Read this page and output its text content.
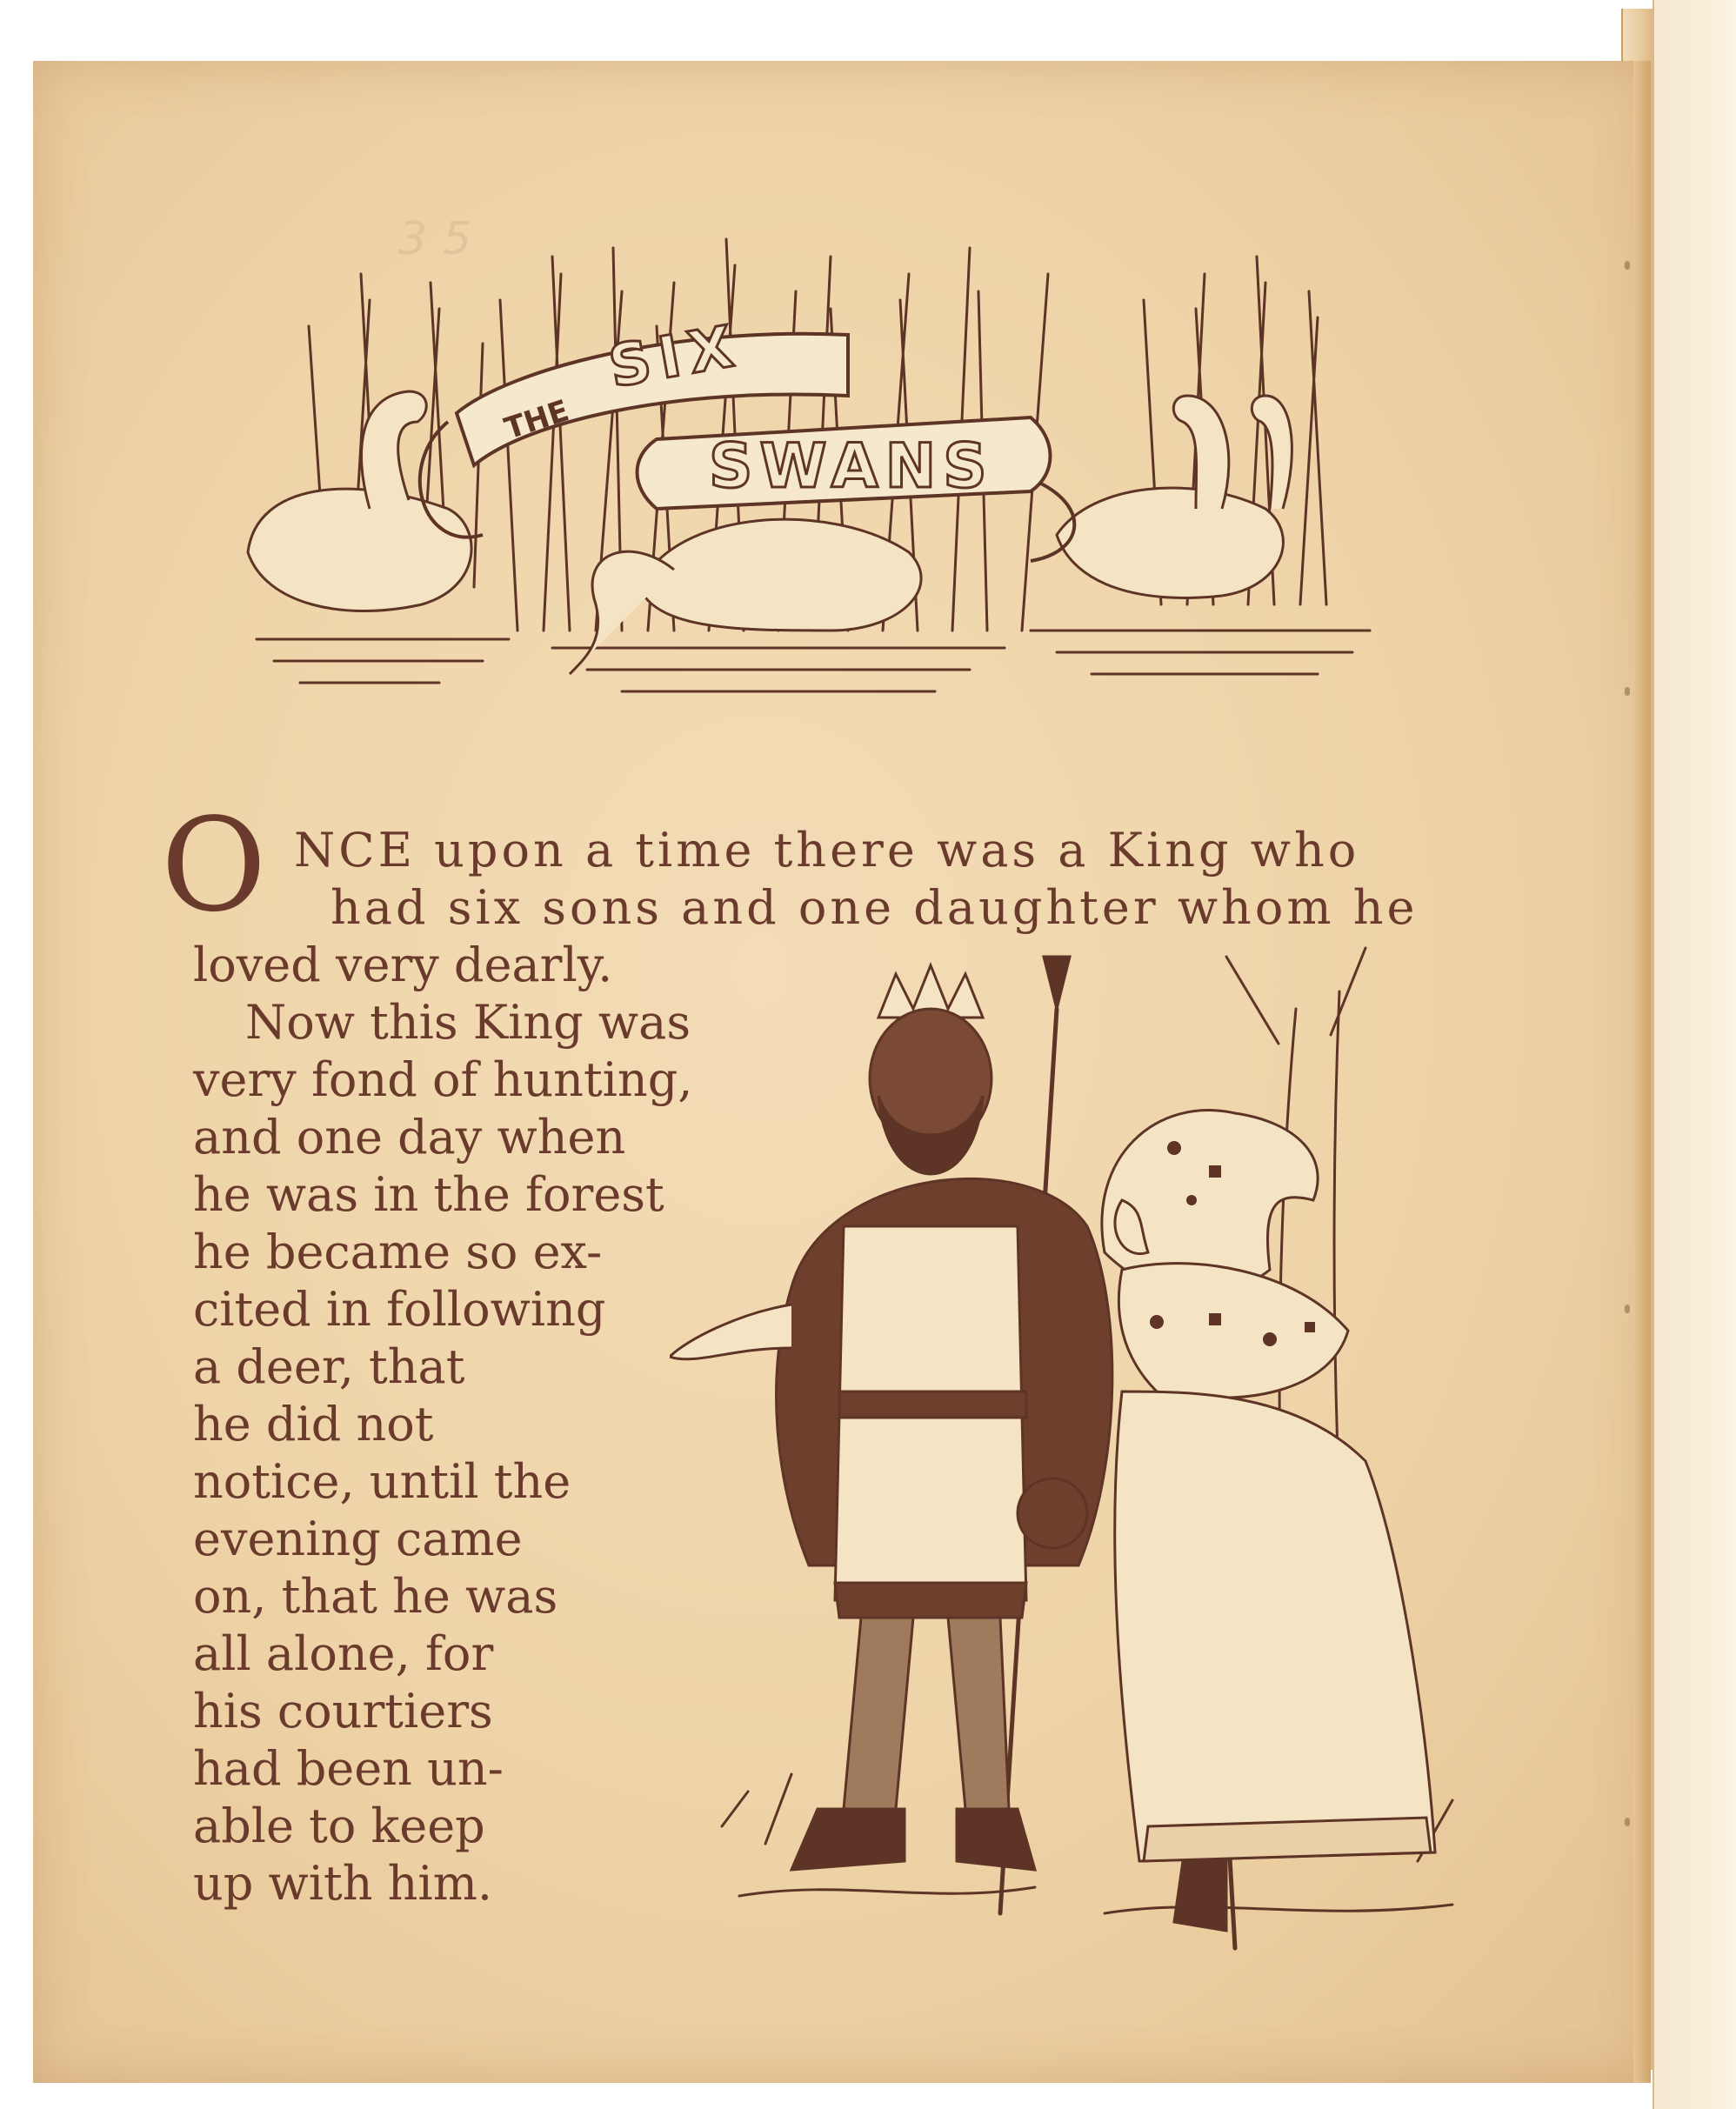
35
THE
SIX
SWANS
O NCE upon a time there was a King who
had six sons and one daughter whom he
loved very dearly.
Now this King was
very fond of hunting,
and one day when
he was in the forest
he became so ex-
cited in following
a deer, that
he did not
notice, until the
evening came
on, that he was
all alone, for
his courtiers
had been un-
able to keep
up with him.
